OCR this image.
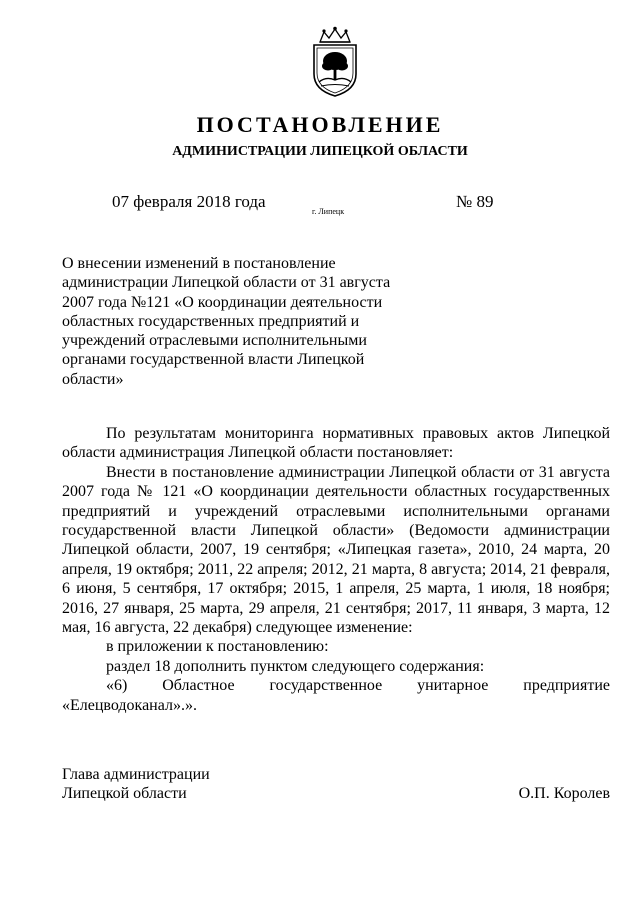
ПОСТАНОВЛЕНИЕ
АДМИНИСТРАЦИИ ЛИПЕЦКОЙ ОБЛАСТИ
07 февраля 2018 года
г. Липецк
№ 89

О внесении изменений в постановление администрации Липецкой области от 31 августа 2007 года №121 «О координации деятельности областных государственных предприятий и учреждений отраслевыми исполнительными органами государственной власти Липецкой области»

По результатам мониторинга нормативных правовых актов Липецкой области администрация Липецкой области постановляет:

Внести в постановление администрации Липецкой области от 31 августа 2007 года № 121 «О координации деятельности областных государственных предприятий и учреждений отраслевыми исполнительными органами государственной власти Липецкой области» (Ведомости администрации Липецкой области, 2007, 19 сентября; «Липецкая газета», 2010, 24 марта, 20 апреля, 19 октября; 2011, 22 апреля; 2012, 21 марта, 8 августа; 2014, 21 февраля, 6 июня, 5 сентября, 17 октября; 2015, 1 апреля, 25 марта, 1 июля, 18 ноября; 2016, 27 января, 25 марта, 29 апреля, 21 сентября; 2017, 11 января, 3 марта, 12 мая, 16 августа, 22 декабря) следующее изменение:

в приложении к постановлению:

раздел 18 дополнить пунктом следующего содержания:

«6) Областное государственное унитарное предприятие «Елецводоканал».».

Глава администрации
Липецкой области	О.П. Королев
